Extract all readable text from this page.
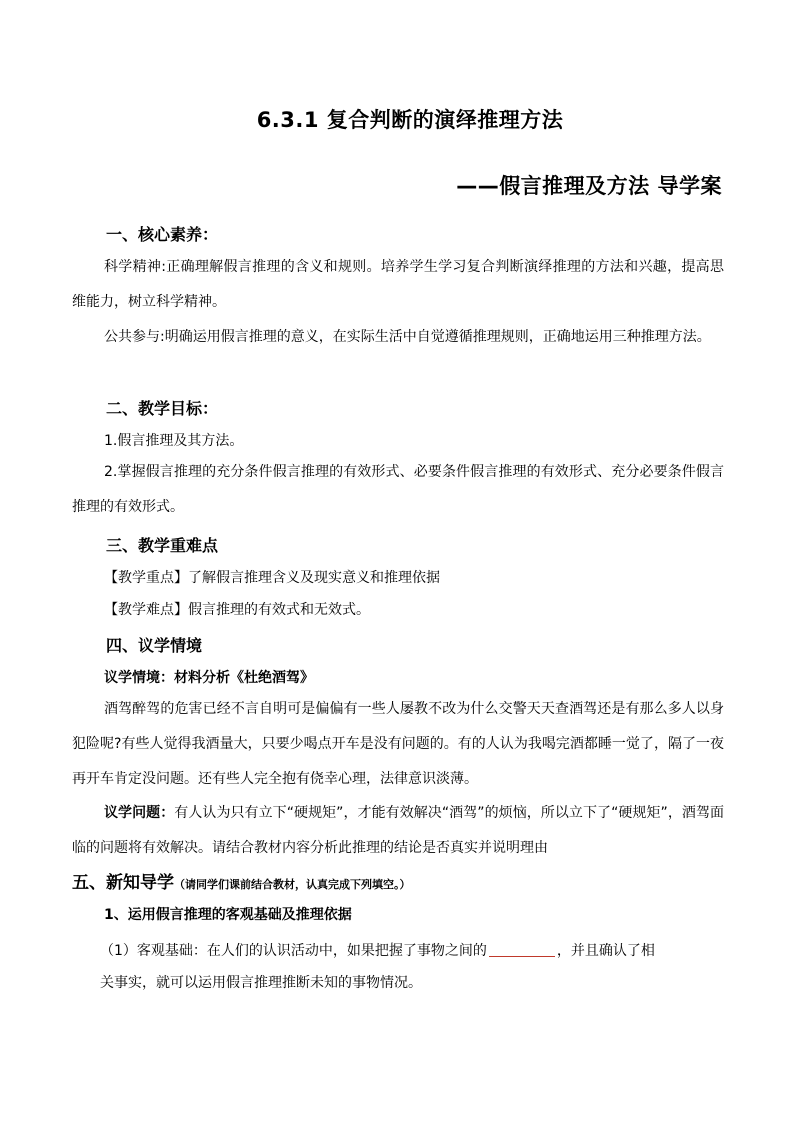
6.3.1 复合判断的演绎推理方法
——假言推理及方法 导学案
一、核心素养：
科学精神:正确理解假言推理的含义和规则。培养学生学习复合判断演绎推理的方法和兴趣，提高思维能力，树立科学精神。
公共参与:明确运用假言推理的意义，在实际生活中自觉遵循推理规则，正确地运用三种推理方法。
二、教学目标：
1.假言推理及其方法。
2.掌握假言推理的充分条件假言推理的有效形式、必要条件假言推理的有效形式、充分必要条件假言推理的有效形式。
三、教学重难点
【教学重点】了解假言推理含义及现实意义和推理依据
【教学难点】假言推理的有效式和无效式。
四、议学情境
议学情境：材料分析《杜绝酒驾》
酒驾醉驾的危害已经不言自明可是偏偏有一些人屡教不改为什么交警天天查酒驾还是有那么多人以身犯险呢?有些人觉得我酒量大，只要少喝点开车是没有问题的。有的人认为我喝完酒都睡一觉了，隔了一夜再开车肯定没问题。还有些人完全抱有侥幸心理，法律意识淡薄。
议学问题：有人认为只有立下“硬规矩”，才能有效解决“酒驾”的烦恼，所以立下了“硬规矩”，酒驾面临的问题将有效解决。请结合教材内容分析此推理的结论是否真实并说明理由
五、新知导学（请同学们课前结合教材，认真完成下列填空。）
1、运用假言推理的客观基础及推理依据
（1）客观基础：在人们的认识活动中，如果把握了事物之间的	，并且确认了相
关事实，就可以运用假言推理推断未知的事物情况。
